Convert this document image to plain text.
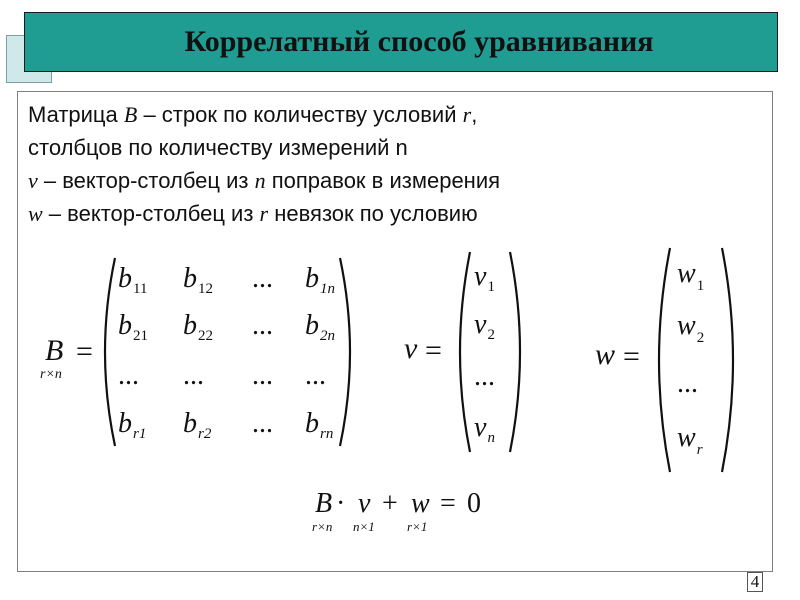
Коррелатный способ уравнивания

Матрица B – строк по количеству условий r,

столбцов по количеству измерений n

v – вектор-столбец из n поправок в измерения

w – вектор-столбец из r невязок по условию

B
r×n
=
b 11 b 12 ... b 1n
b 21 b 22 ... b 2n
... ... ... ...
b r1 b r2 ... b rn
v =
v 1
v 2
...
v n
w =
w 1
w 2
...
w r
B ·
r×n
v
n×1
+ w
r×1
= 0
4
